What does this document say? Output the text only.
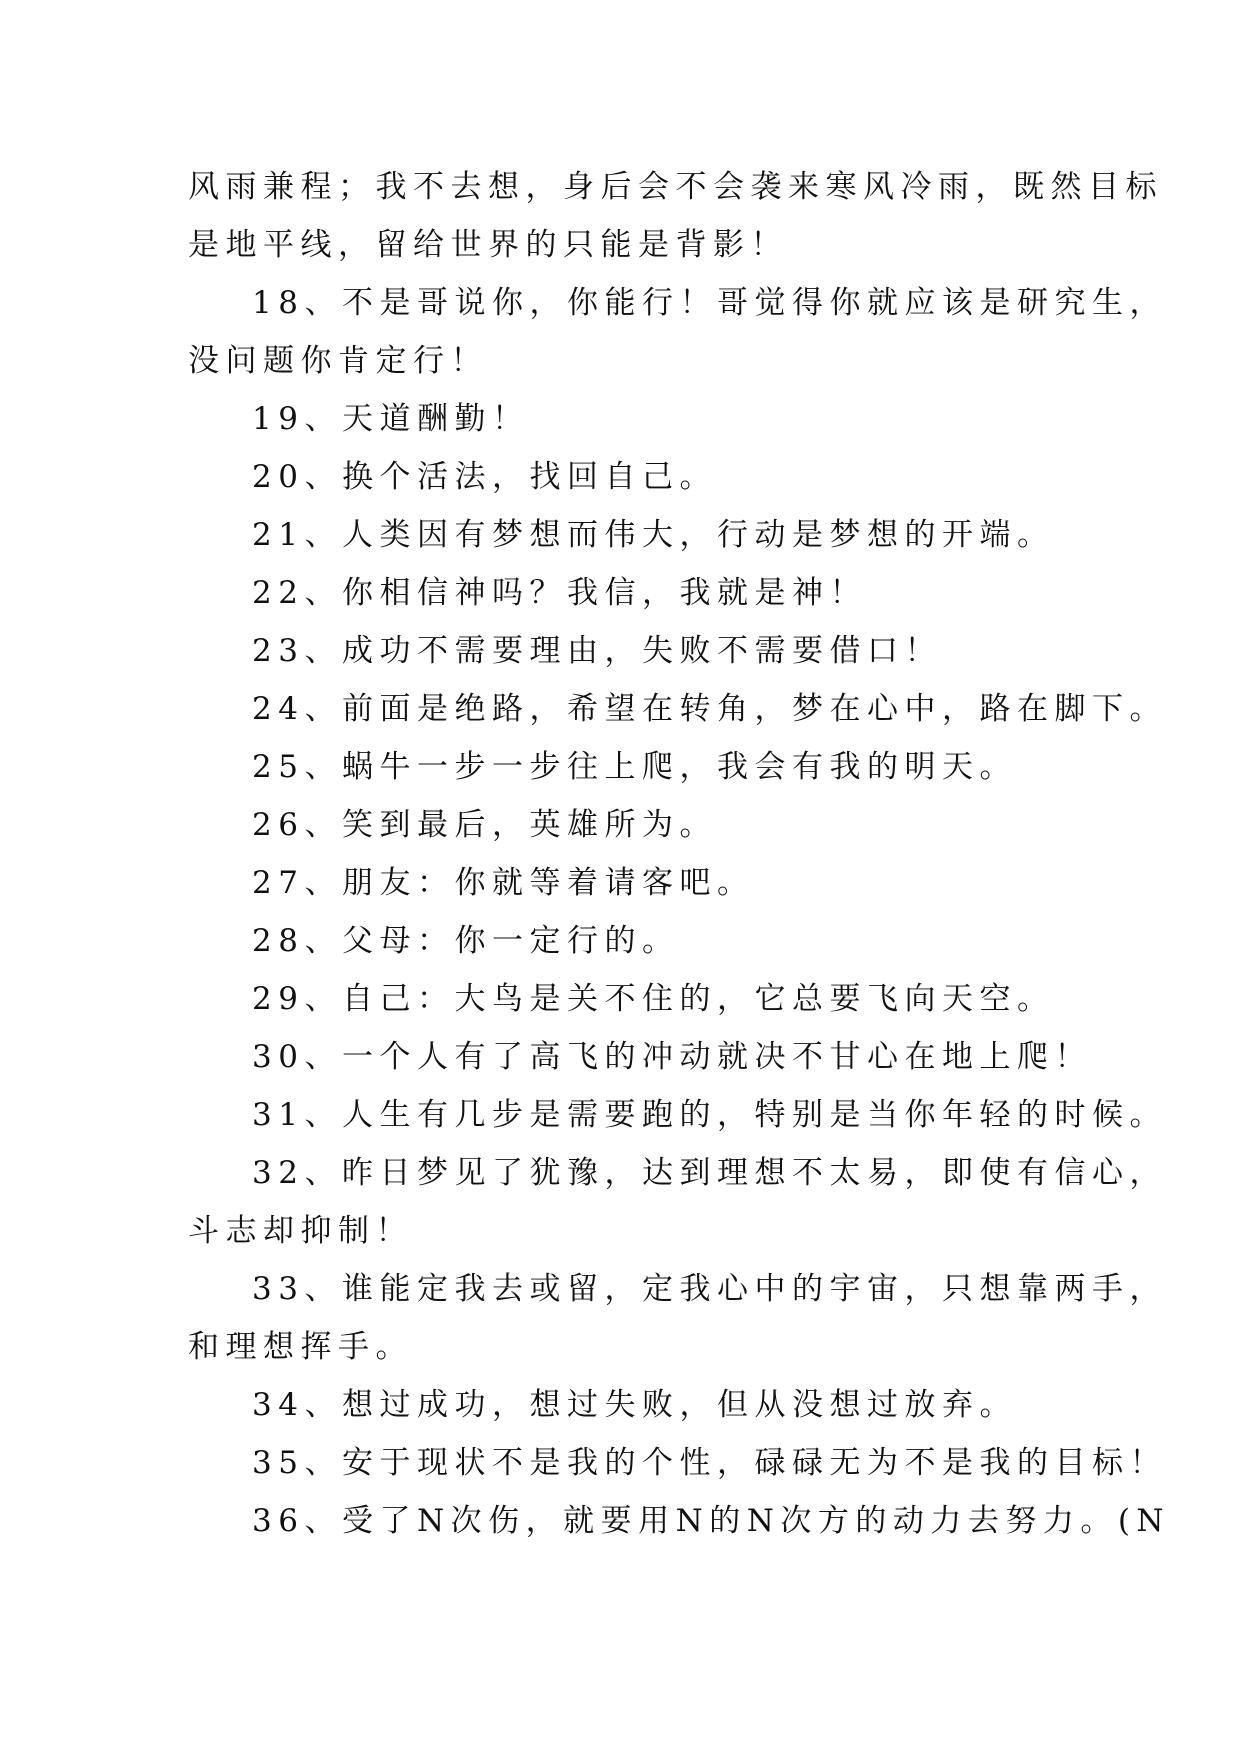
风雨兼程；我不去想，身后会不会袭来寒风冷雨，既然目标
是地平线，留给世界的只能是背影！
18、不是哥说你，你能行！哥觉得你就应该是研究生，
没问题你肯定行！
19、天道酬勤！
20、换个活法，找回自己。
21、人类因有梦想而伟大，行动是梦想的开端。
22、你相信神吗？我信，我就是神！
23、成功不需要理由，失败不需要借口！
24、前面是绝路，希望在转角，梦在心中，路在脚下。
25、蜗牛一步一步往上爬，我会有我的明天。
26、笑到最后，英雄所为。
27、朋友：你就等着请客吧。
28、父母：你一定行的。
29、自己：大鸟是关不住的，它总要飞向天空。
30、一个人有了高飞的冲动就决不甘心在地上爬！
31、人生有几步是需要跑的，特别是当你年轻的时候。
32、昨日梦见了犹豫，达到理想不太易，即使有信心，
斗志却抑制！
33、谁能定我去或留，定我心中的宇宙，只想靠两手，
和理想挥手。
34、想过成功，想过失败，但从没想过放弃。
35、安于现状不是我的个性，碌碌无为不是我的目标！
36、受了N次伤，就要用N的N次方的动力去努力。(N
